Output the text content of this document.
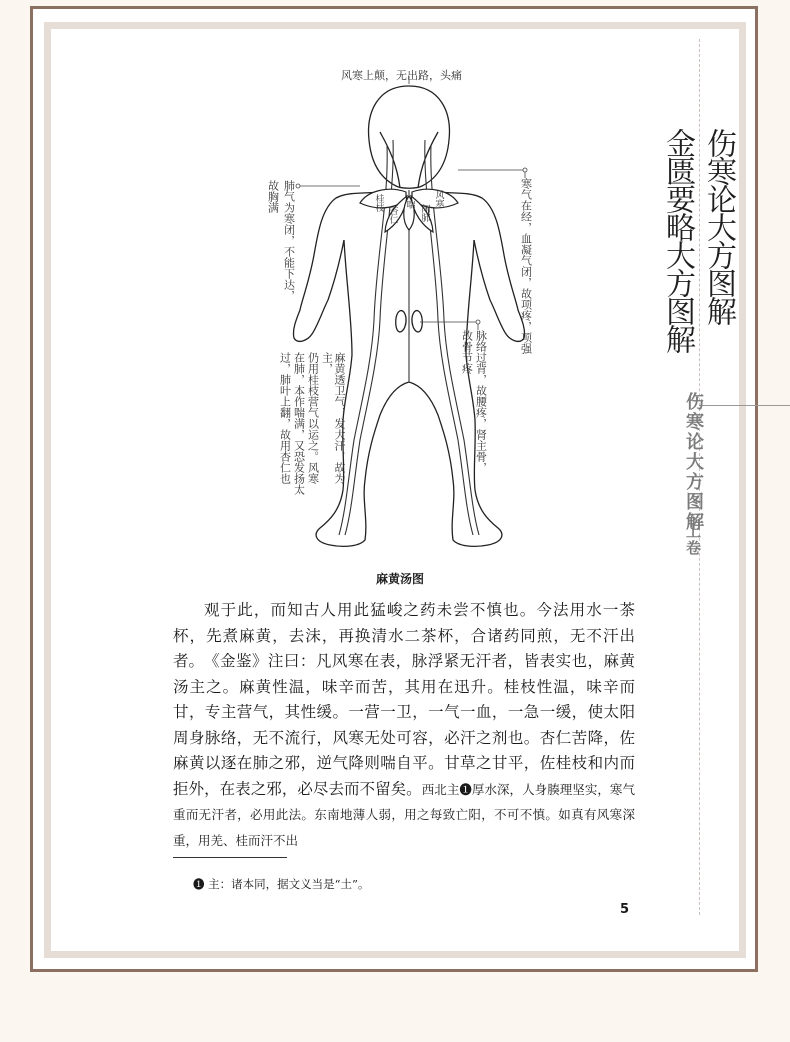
伤寒论大方图解
金匮要略大方图解
伤寒论大方图解
上卷
风寒上颠，无出路，头痛
桂枝
杏仁
喘 闭肺
风寒
故胸满 肺气为寒闭，不能下达，
麻黄透卫气，发大汗，故为主，
仍用桂枝营气以运之。风寒
在肺，本作喘满，又恐发扬太
过，肺叶上翻，故用杏仁也
寒气在经，血凝气闭，故项疼，项强
脉络过背，故腰疼，肾主骨，
故骨节疼
麻黄汤图

观于此，而知古人用此猛峻之药未尝不慎也。今法用水一茶杯，先煮麻黄，去沫，再换清水二茶杯，合诸药同煎，无不汗出者。 《金鉴》注曰：凡风寒在表，脉浮紧无汗者，皆表实也，麻黄汤主之。麻黄性温，味辛而苦，其用在迅升。桂枝性温，味辛而甘，专主营气，其性缓。一营一卫，一气一血，一急一缓，使太阳周身脉络，无不流行，风寒无处可容，必汗之剂也。杏仁苦降，佐麻黄以逐在肺之邪，逆气降则喘自平。甘草之甘平，佐桂枝和内而拒外，在表之邪，必尽去而不留矣。西北主❶厚水深，人身腠理坚实，寒气重而无汗者，必用此法。东南地薄人弱，用之每致亡阳，不可不慎。如真有风寒深重，用羌、桂而汗不出

❶ 主：诸本同，据文义当是“土”。
5
